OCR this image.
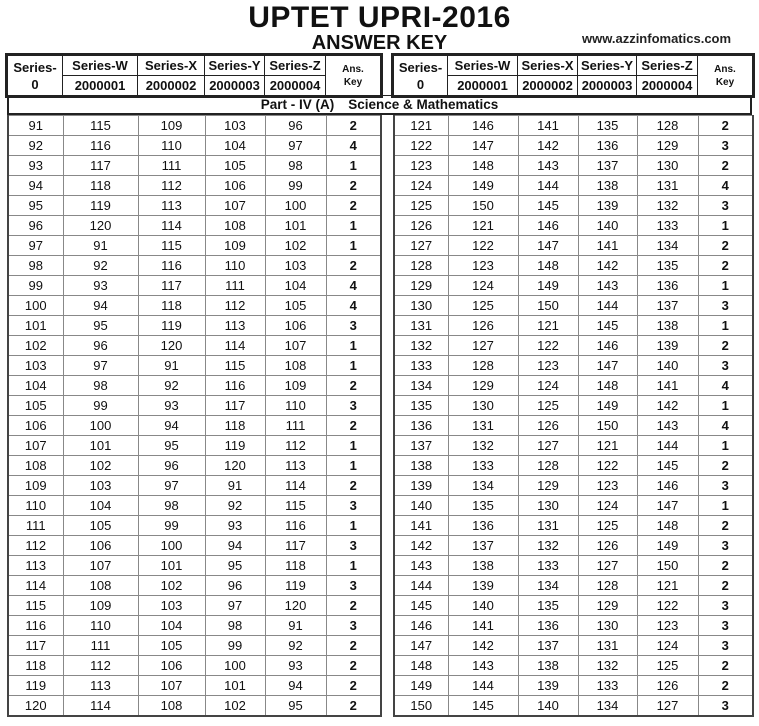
UPTET UPRI-2016
ANSWER KEY	www.azzinfomatics.com
Series-
0	Series-W	Series-X	Series-Y	Series-Z	Ans.
Key
	2000001	2000002	2000003	2000004	
Series-
0	Series-W	Series-X	Series-Y	Series-Z	Ans.
Key
	2000001	2000002	2000003	2000004	
Part - IV (A) Science & Mathematics
91	115	109	103	96	2
92	116	110	104	97	4
93	117	111	105	98	1
94	118	112	106	99	2
95	119	113	107	100	2
96	120	114	108	101	1
97	91	115	109	102	1
98	92	116	110	103	2
99	93	117	111	104	4
100	94	118	112	105	4
101	95	119	113	106	3
102	96	120	114	107	1
103	97	91	115	108	1
104	98	92	116	109	2
105	99	93	117	110	3
106	100	94	118	111	2
107	101	95	119	112	1
108	102	96	120	113	1
109	103	97	91	114	2
110	104	98	92	115	3
111	105	99	93	116	1
112	106	100	94	117	3
113	107	101	95	118	1
114	108	102	96	119	3
115	109	103	97	120	2
116	110	104	98	91	3
117	111	105	99	92	2
118	112	106	100	93	2
119	113	107	101	94	2
120	114	108	102	95	2
121	146	141	135	128	2
122	147	142	136	129	3
123	148	143	137	130	2
124	149	144	138	131	4
125	150	145	139	132	3
126	121	146	140	133	1
127	122	147	141	134	2
128	123	148	142	135	2
129	124	149	143	136	1
130	125	150	144	137	3
131	126	121	145	138	1
132	127	122	146	139	2
133	128	123	147	140	3
134	129	124	148	141	4
135	130	125	149	142	1
136	131	126	150	143	4
137	132	127	121	144	1
138	133	128	122	145	2
139	134	129	123	146	3
140	135	130	124	147	1
141	136	131	125	148	2
142	137	132	126	149	3
143	138	133	127	150	2
144	139	134	128	121	2
145	140	135	129	122	3
146	141	136	130	123	3
147	142	137	131	124	3
148	143	138	132	125	2
149	144	139	133	126	2
150	145	140	134	127	3
